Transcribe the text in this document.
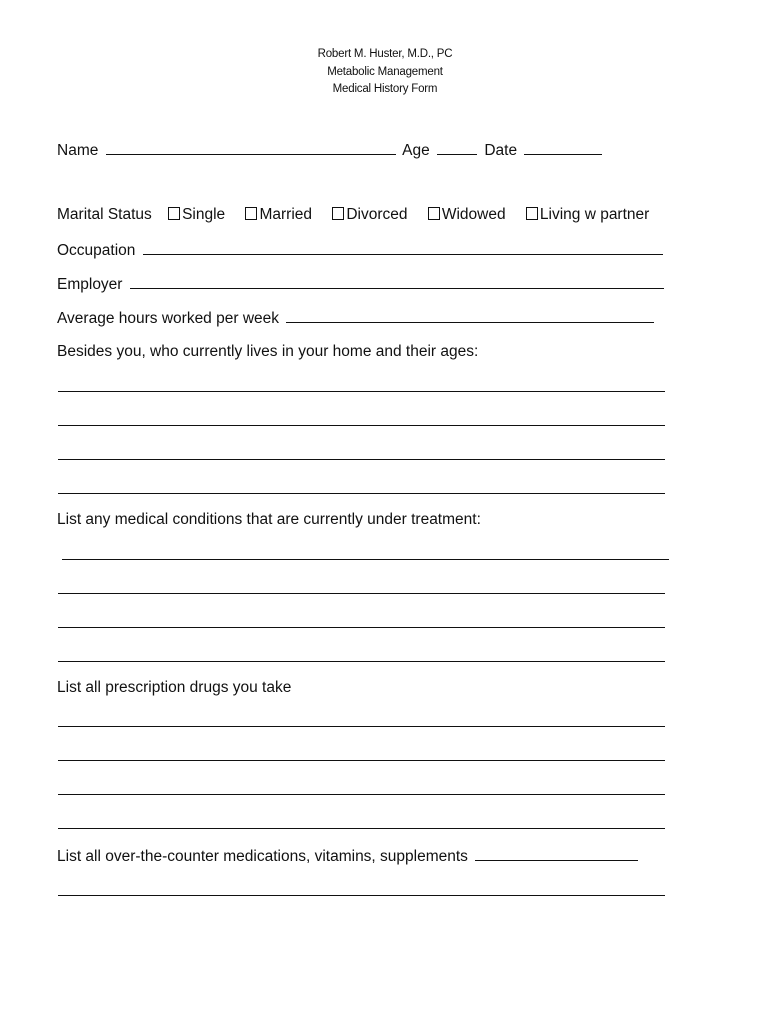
Robert M. Huster, M.D., PC
Metabolic Management
Medical History Form
Name	Age	Date
Marital Status Single Married Divorced Widowed Living w partner
Occupation
Employer
Average hours worked per week
Besides you, who currently lives in your home and their ages:
List any medical conditions that are currently under treatment:
List all prescription drugs you take
List all over-the-counter medications, vitamins, supplements
